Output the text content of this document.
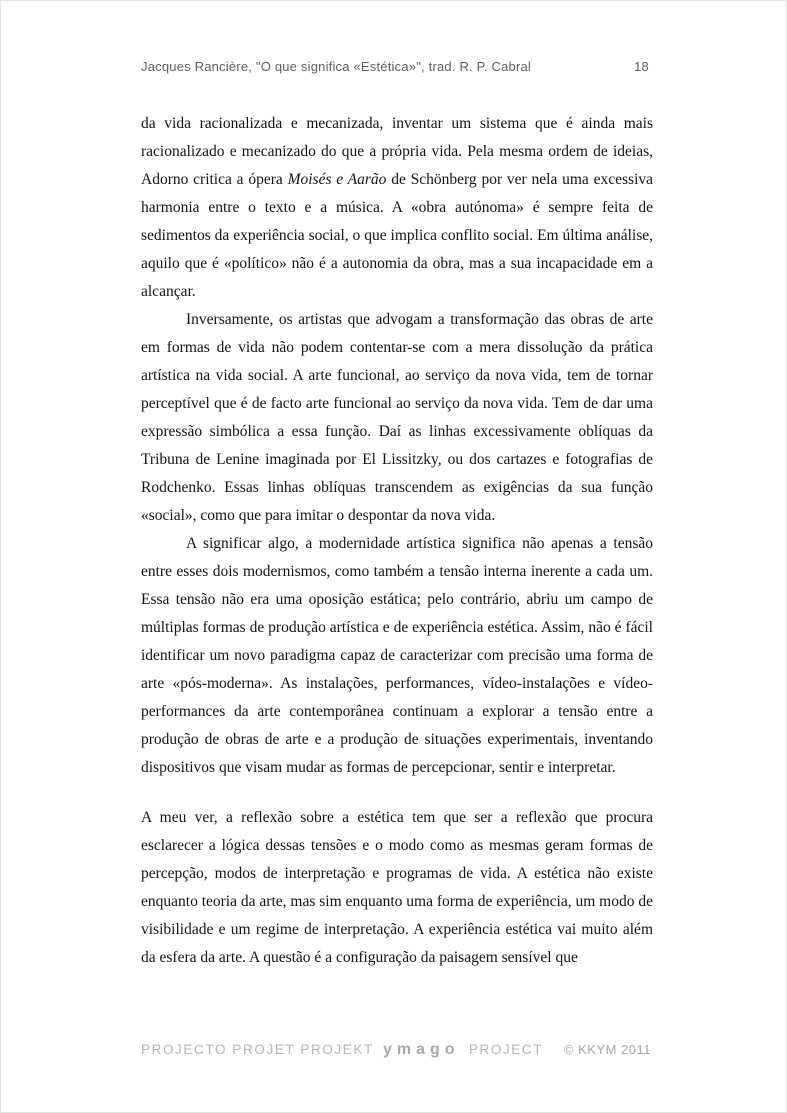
Jacques Rancière, "O que significa «Estética»", trad. R. P. Cabral	18

da vida racionalizada e mecanizada, inventar um sistema que é ainda mais racionalizado e mecanizado do que a própria vida. Pela mesma ordem de ideias, Adorno critica a ópera Moisés e Aarão de Schönberg por ver nela uma excessiva harmonia entre o texto e a música. A «obra autónoma» é sempre feita de sedimentos da experiência social, o que implica conflito social. Em última análise, aquilo que é «político» não é a autonomia da obra, mas a sua incapacidade em a alcançar.

Inversamente, os artistas que advogam a transformação das obras de arte em formas de vida não podem contentar-se com a mera dissolução da prática artística na vida social. A arte funcional, ao serviço da nova vida, tem de tornar perceptível que é de facto arte funcional ao serviço da nova vida. Tem de dar uma expressão simbólica a essa função. Daí as linhas excessivamente oblíquas da Tribuna de Lenine imaginada por El Lissitzky, ou dos cartazes e fotografias de Rodchenko. Essas linhas oblíquas transcendem as exigências da sua função «social», como que para imitar o despontar da nova vida.

A significar algo, a modernidade artística significa não apenas a tensão entre esses dois modernismos, como também a tensão interna inerente a cada um. Essa tensão não era uma oposição estática; pelo contrário, abriu um campo de múltiplas formas de produção artística e de experiência estética. Assim, não é fácil identificar um novo paradigma capaz de caracterizar com precisão uma forma de arte «pós-moderna». As instalações, performances, vídeo-instalações e vídeo-performances da arte contemporânea continuam a explorar a tensão entre a produção de obras de arte e a produção de situações experimentais, inventando dispositivos que visam mudar as formas de percepcionar, sentir e interpretar.

A meu ver, a reflexão sobre a estética tem que ser a reflexão que procura esclarecer a lógica dessas tensões e o modo como as mesmas geram formas de percepção, modos de interpretação e programas de vida. A estética não existe enquanto teoria da arte, mas sim enquanto uma forma de experiência, um modo de visibilidade e um regime de interpretação. A experiência estética vai muito além da esfera da arte. A questão é a configuração da paisagem sensível que

PROJECTO PROJET PROJEKT ymago PROJECT © KKYM 2011
